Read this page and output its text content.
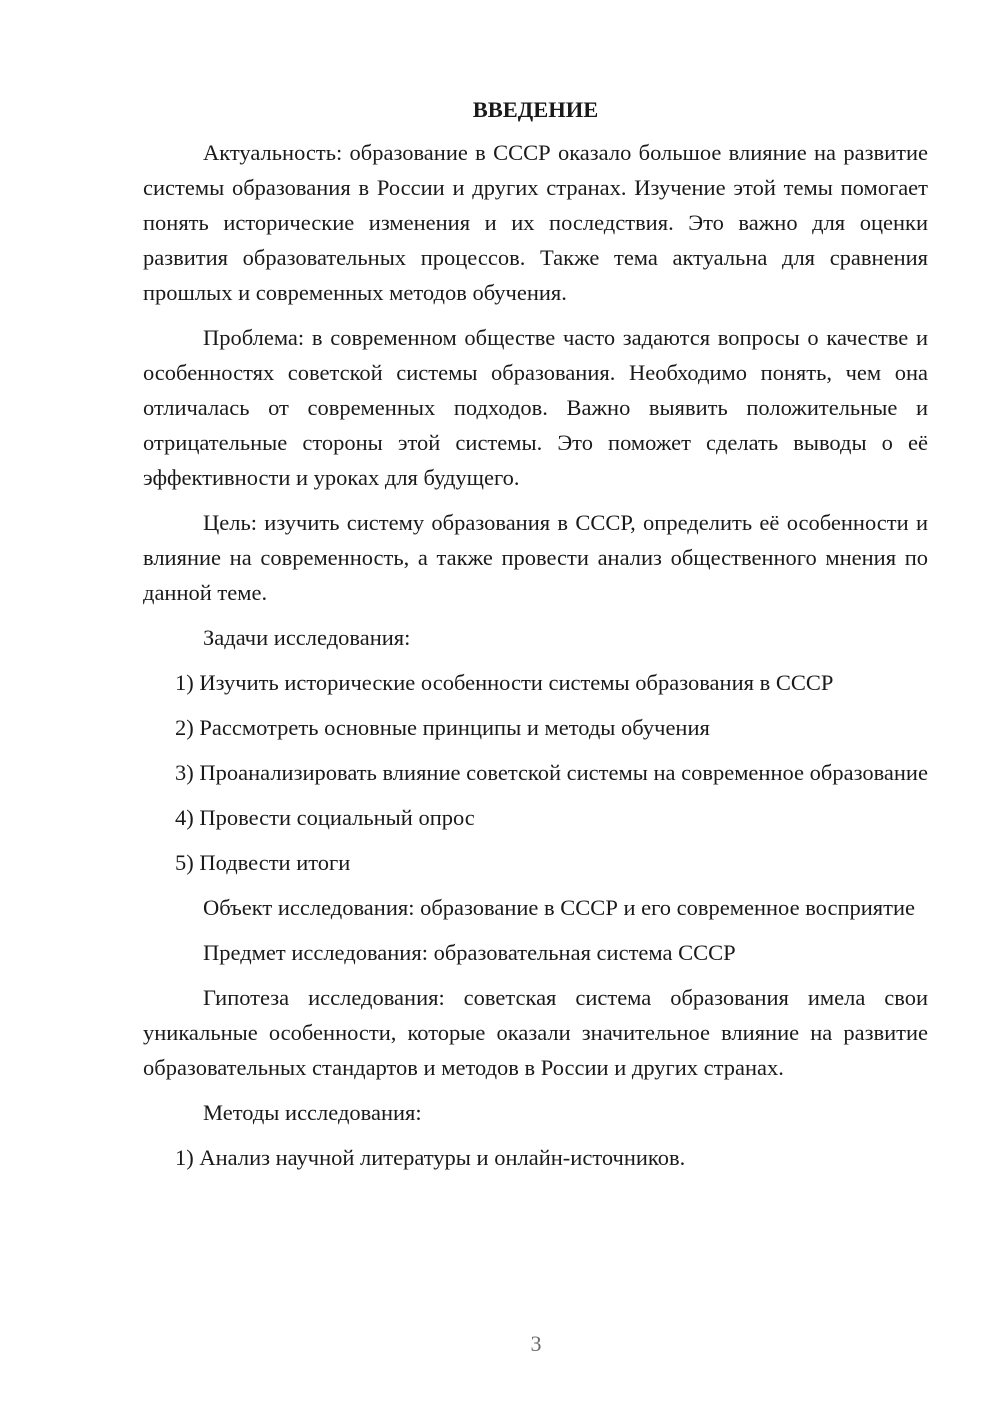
ВВЕДЕНИЕ

Актуальность: образование в СССР оказало большое влияние на развитие системы образования в России и других странах. Изучение этой темы помогает понять исторические изменения и их последствия. Это важно для оценки развития образовательных процессов. Также тема актуальна для сравнения прошлых и современных методов обучения.

Проблема: в современном обществе часто задаются вопросы о качестве и особенностях советской системы образования. Необходимо понять, чем она отличалась от современных подходов. Важно выявить положительные и отрицательные стороны этой системы. Это поможет сделать выводы о её эффективности и уроках для будущего.

Цель: изучить систему образования в СССР, определить её особенности и влияние на современность, а также провести анализ общественного мнения по данной теме.

Задачи исследования:

1) Изучить исторические особенности системы образования в СССР

2) Рассмотреть основные принципы и методы обучения

3) Проанализировать влияние советской системы на современное образование

4) Провести социальный опрос

5) Подвести итоги

Объект исследования: образование в СССР и его современное восприятие

Предмет исследования: образовательная система СССР

Гипотеза исследования: советская система образования имела свои уникальные особенности, которые оказали значительное влияние на развитие образовательных стандартов и методов в России и других странах.

Методы исследования:

1) Анализ научной литературы и онлайн-источников.

3
